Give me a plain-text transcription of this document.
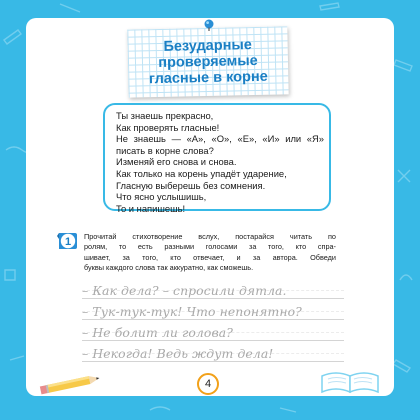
Безударные
проверяемые
гласные в корне
Ты знаешь прекрасно,
Как проверять гласные!
Не знаешь — «А», «О», «Е», «И» или «Я»
писать в корне слова?
Изменяй его снова и снова.
Как только на корень упадёт ударение,
Гласную выберешь без сомнения.
Что ясно услышишь,
То и напишешь!
1 Прочитай стихотворение вслух, постарайся читать по
ролям, то есть разными голосами за того, кто спра-
шивает, за того, кто отвечает, и за автора. Обведи
буквы каждого слова так аккуратно, как сможешь.
– Как дела? – спросили дятла.
– Тук-тук-тук! Что непонятно?
– Не болит ли голова?
– Некогда! Ведь ждут дела!
4
